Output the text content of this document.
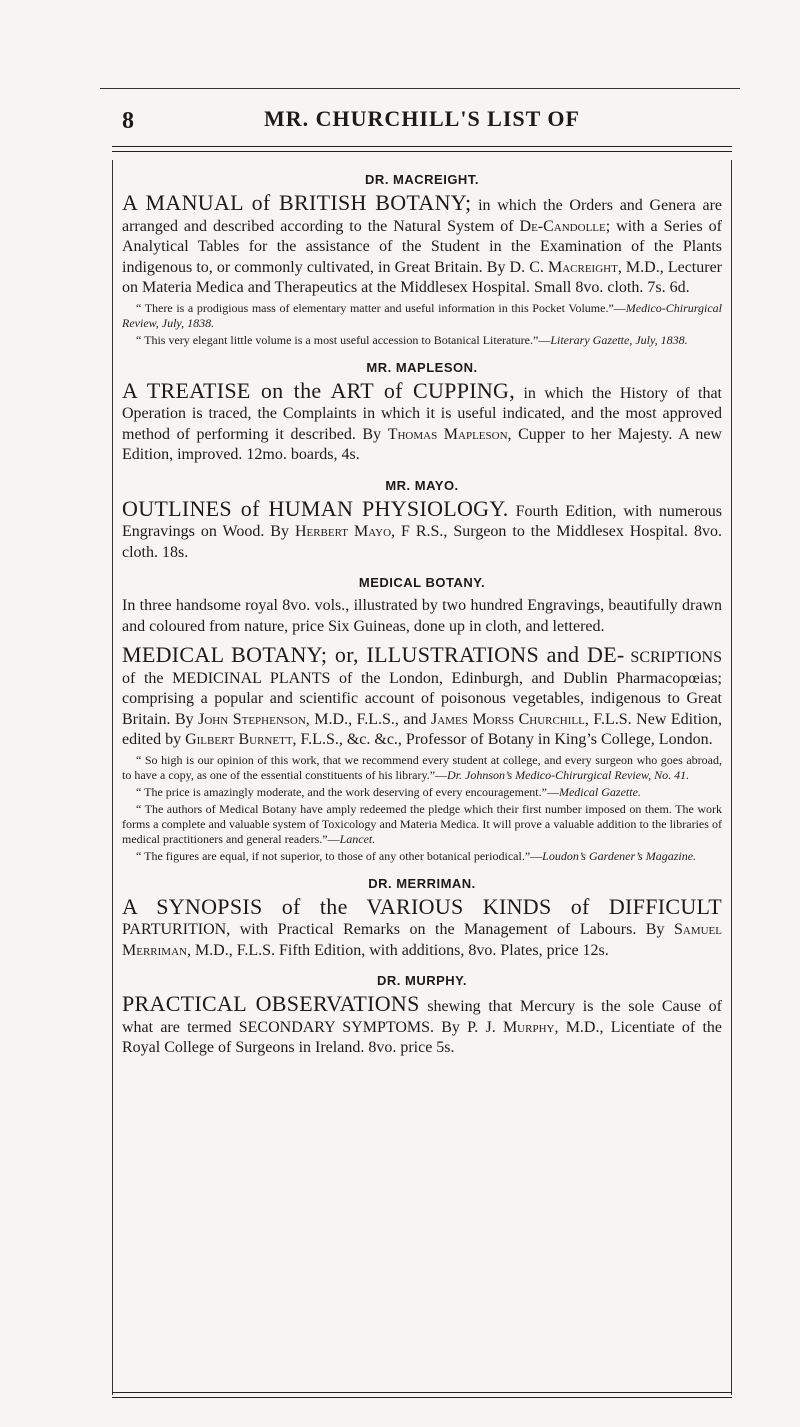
8	MR. CHURCHILL'S LIST OF
DR. MACREIGHT.

A MANUAL of BRITISH BOTANY; in which the Orders and Genera are arranged and described according to the Natural System of De-Candolle; with a Series of Analytical Tables for the assistance of the Student in the Examination of the Plants indigenous to, or commonly cultivated, in Great Britain. By D. C. Macreight, M.D., Lecturer on Materia Medica and Therapeutics at the Middlesex Hospital. Small 8vo. cloth. 7s. 6d.

“ There is a prodigious mass of elementary matter and useful information in this Pocket Volume.”—Medico-Chirurgical Review, July, 1838.

“ This very elegant little volume is a most useful accession to Botanical Literature.”—Literary Gazette, July, 1838.

MR. MAPLESON.

A TREATISE on the ART of CUPPING, in which the History of that Operation is traced, the Complaints in which it is useful indicated, and the most approved method of performing it described. By Thomas Mapleson, Cupper to her Majesty. A new Edition, improved. 12mo. boards, 4s.

MR. MAYO.

OUTLINES of HUMAN PHYSIOLOGY. Fourth Edition, with numerous Engravings on Wood. By Herbert Mayo, F R.S., Surgeon to the Middlesex Hospital. 8vo. cloth. 18s.

MEDICAL BOTANY.

In three handsome royal 8vo. vols., illustrated by two hundred Engravings, beautifully drawn and coloured from nature, price Six Guineas, done up in cloth, and lettered.

MEDICAL BOTANY; or, ILLUSTRATIONS and DE- SCRIPTIONS of the MEDICINAL PLANTS of the London, Edinburgh, and Dublin Pharmacopœias; comprising a popular and scientific account of poisonous vegetables, indigenous to Great Britain. By John Stephenson, M.D., F.L.S., and James Morss Churchill, F.L.S. New Edition, edited by Gilbert Burnett, F.L.S., &c. &c., Professor of Botany in King’s College, London.

“ So high is our opinion of this work, that we recommend every student at college, and every surgeon who goes abroad, to have a copy, as one of the essential constituents of his library.”—Dr. Johnson’s Medico-Chirurgical Review, No. 41.

“ The price is amazingly moderate, and the work deserving of every encouragement.”—Medical Gazette.

“ The authors of Medical Botany have amply redeemed the pledge which their first number imposed on them. The work forms a complete and valuable system of Toxicology and Materia Medica. It will prove a valuable addition to the libraries of medical practitioners and general readers.”—Lancet.

“ The figures are equal, if not superior, to those of any other botanical periodical.”—Loudon’s Gardener’s Magazine.

DR. MERRIMAN.

A SYNOPSIS of the VARIOUS KINDS of DIFFICULT PARTURITION, with Practical Remarks on the Management of Labours. By Samuel Merriman, M.D., F.L.S. Fifth Edition, with additions, 8vo. Plates, price 12s.

DR. MURPHY.

PRACTICAL OBSERVATIONS shewing that Mercury is the sole Cause of what are termed SECONDARY SYMPTOMS. By P. J. Murphy, M.D., Licentiate of the Royal College of Surgeons in Ireland. 8vo. price 5s.
